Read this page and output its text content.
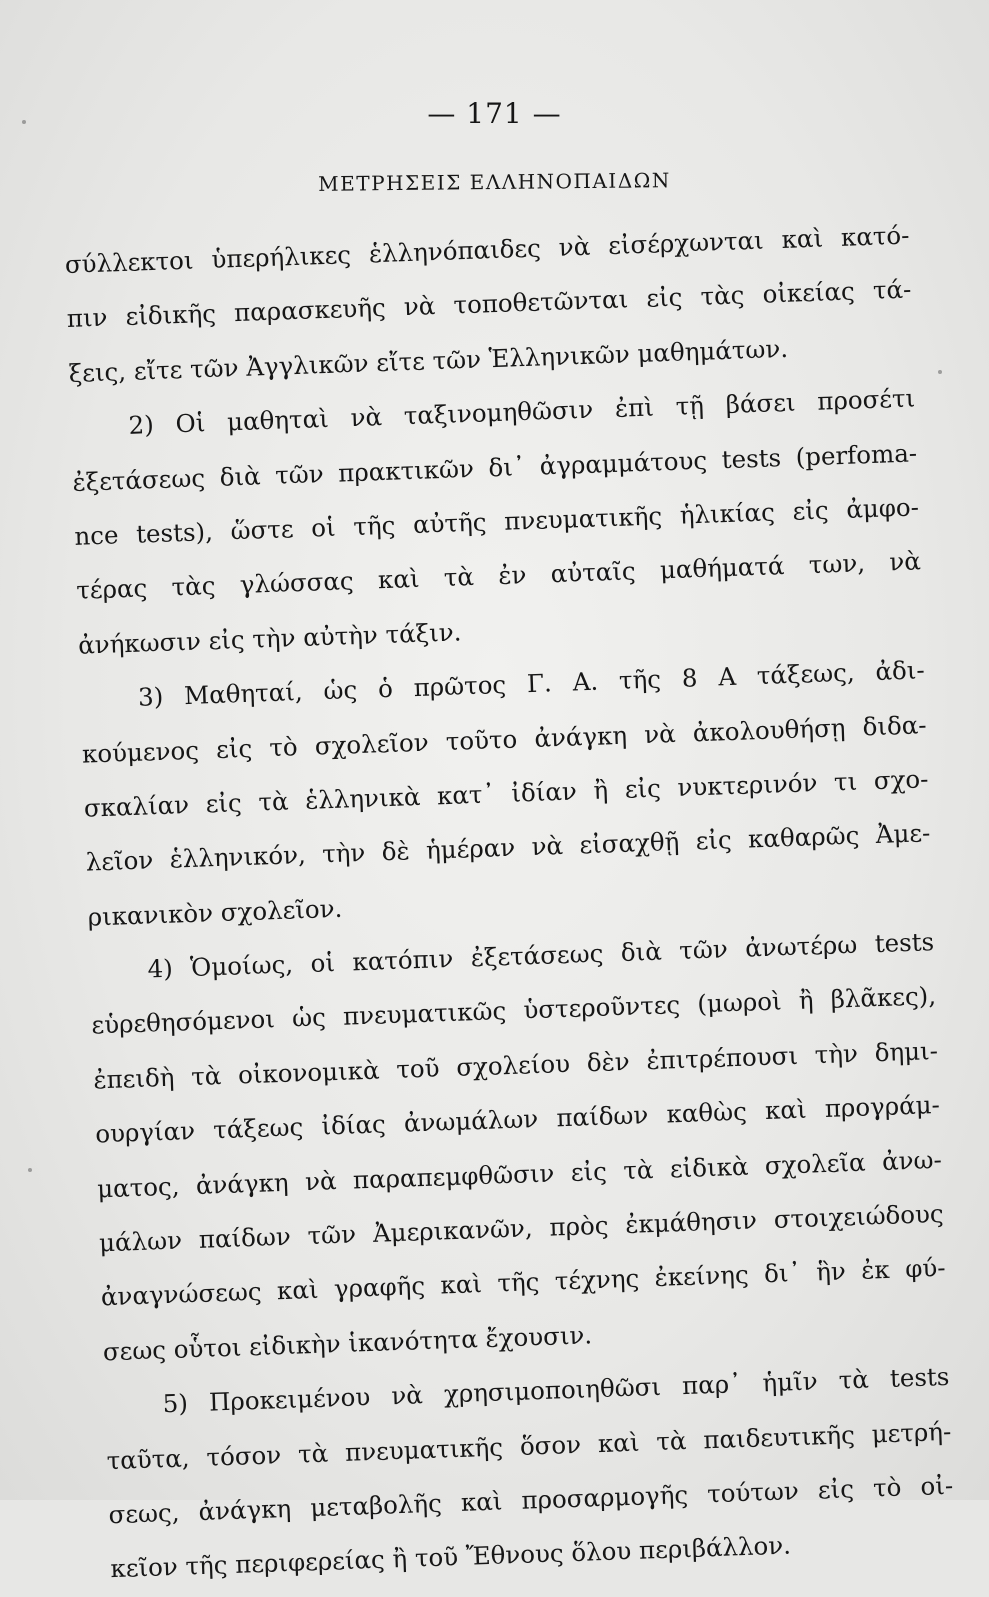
— 171 —
ΜΕΤΡΗΣΕΙΣ ΕΛΛΗΝΟΠΑΙΔΩΝ
σύλλεκτοι ὑπερήλικες ἑλληνόπαιδες νὰ εἰσέρχωνται καὶ κατό-
πιν εἰδικῆς παρασκευῆς νὰ τοποθετῶνται εἰς τὰς οἰκείας τά-
ξεις, εἴτε τῶν Ἀγγλικῶν εἴτε τῶν Ἑλληνικῶν μαθημάτων.
2) Οἱ μαθηταὶ νὰ ταξινομηθῶσιν ἐπὶ τῇ βάσει προσέτι
ἐξετάσεως διὰ τῶν πρακτικῶν δι᾽ ἀγραμμάτους tests (perfoma-
nce tests), ὥστε οἱ τῆς αὐτῆς πνευματικῆς ἡλικίας εἰς ἀμφο-
τέρας τὰς γλώσσας καὶ τὰ ἐν αὐταῖς μαθήματά των, νὰ
ἀνήκωσιν εἰς τὴν αὐτὴν τάξιν.
3) Μαθηταί, ὡς ὁ πρῶτος Γ. Α. τῆς 8 Α τάξεως, ἀδι-
κούμενος εἰς τὸ σχολεῖον τοῦτο ἀνάγκη νὰ ἀκολουθήσῃ διδα-
σκαλίαν εἰς τὰ ἑλληνικὰ κατ᾽ ἰδίαν ἢ εἰς νυκτερινόν τι σχο-
λεῖον ἑλληνικόν, τὴν δὲ ἡμέραν νὰ εἰσαχθῇ εἰς καθαρῶς Ἀμε-
ρικανικὸν σχολεῖον.
4) Ὁμοίως, οἱ κατόπιν ἐξετάσεως διὰ τῶν ἀνωτέρω tests
εὑρεθησόμενοι ὡς πνευματικῶς ὑστεροῦντες (μωροὶ ἢ βλᾶκες),
ἐπειδὴ τὰ οἰκονομικὰ τοῦ σχολείου δὲν ἐπιτρέπουσι τὴν δημι-
ουργίαν τάξεως ἰδίας ἀνωμάλων παίδων καθὼς καὶ προγράμ-
ματος, ἀνάγκη νὰ παραπεμφθῶσιν εἰς τὰ εἰδικὰ σχολεῖα ἀνω-
μάλων παίδων τῶν Ἀμερικανῶν, πρὸς ἐκμάθησιν στοιχειώδους
ἀναγνώσεως καὶ γραφῆς καὶ τῆς τέχνης ἐκείνης δι᾽ ἣν ἐκ φύ-
σεως οὗτοι εἰδικὴν ἱκανότητα ἔχουσιν.
5) Προκειμένου νὰ χρησιμοποιηθῶσι παρ᾽ ἡμῖν τὰ tests
ταῦτα, τόσον τὰ πνευματικῆς ὅσον καὶ τὰ παιδευτικῆς μετρή-
σεως, ἀνάγκη μεταβολῆς καὶ προσαρμογῆς τούτων εἰς τὸ οἰ-
κεῖον τῆς περιφερείας ἢ τοῦ Ἔθνους ὅλου περιβάλλον.
